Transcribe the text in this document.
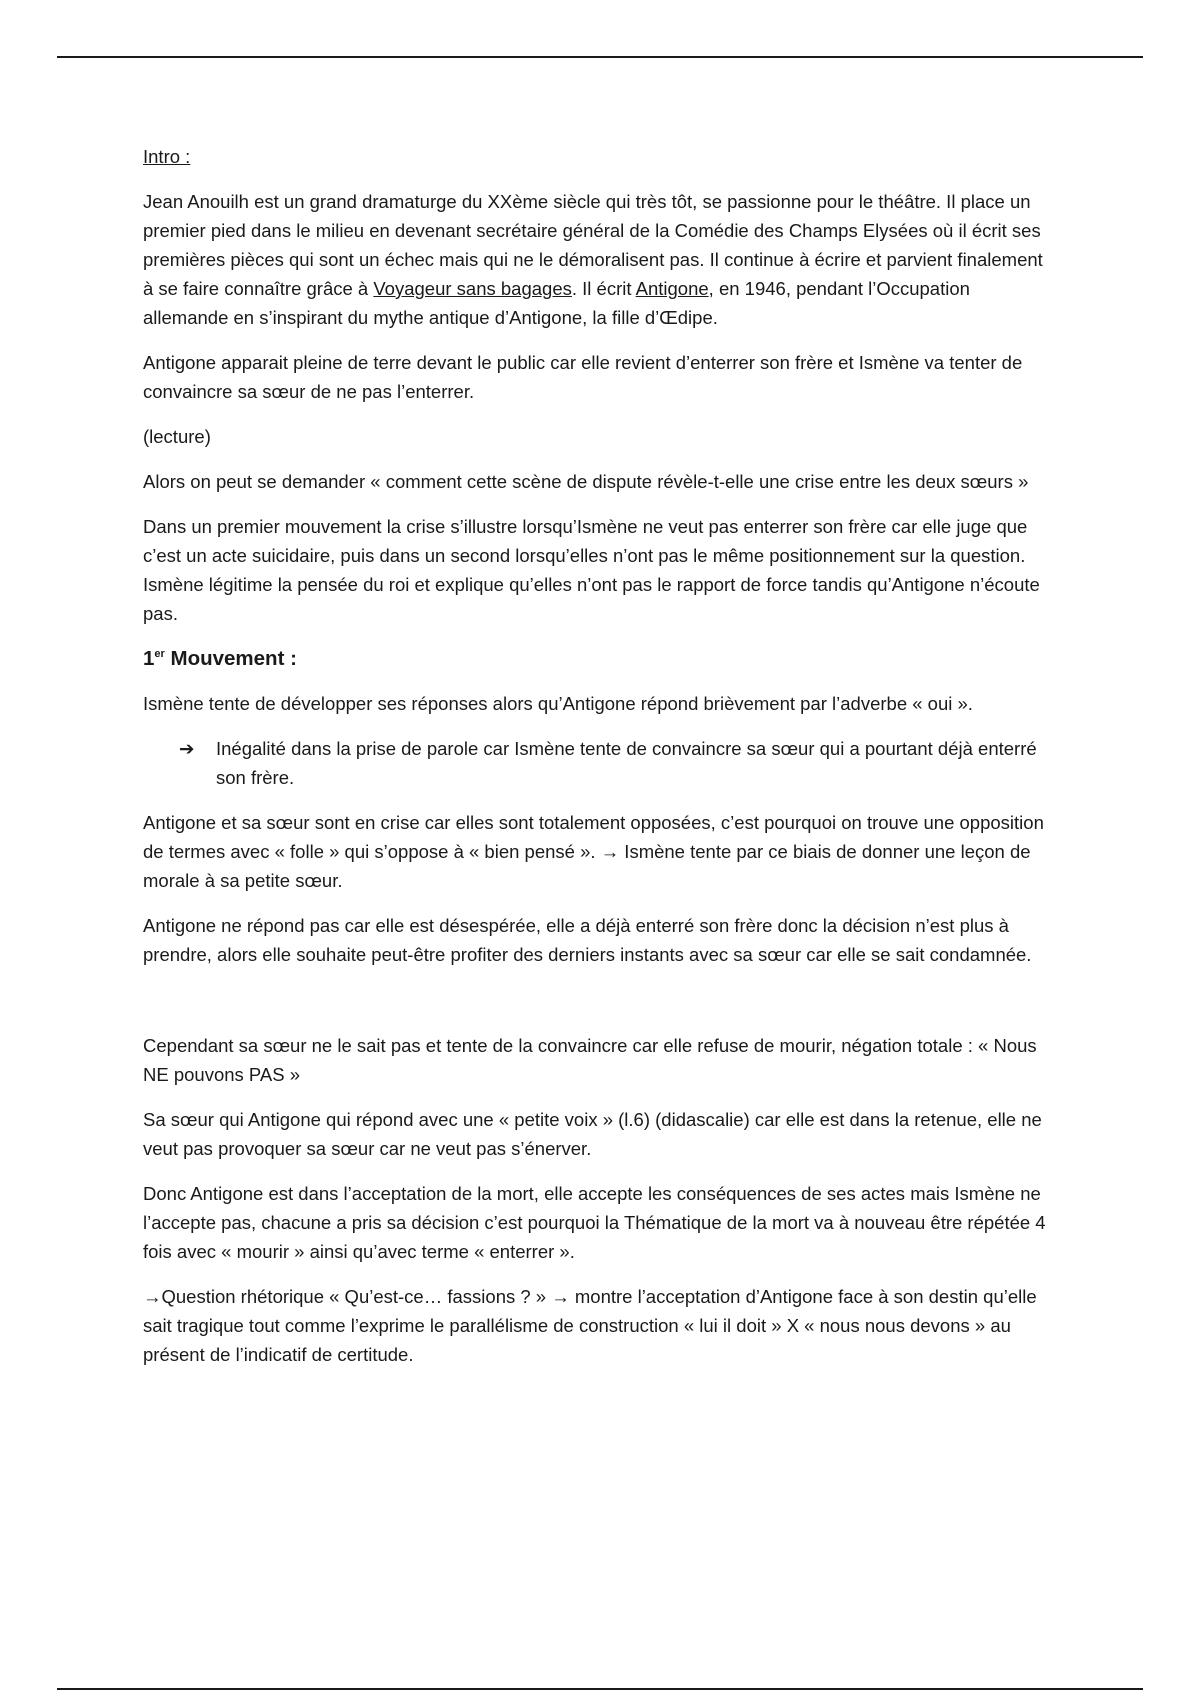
Intro :

Jean Anouilh est un grand dramaturge du XXème siècle qui très tôt, se passionne pour le théâtre. Il place un premier pied dans le milieu en devenant secrétaire général de la Comédie des Champs Elysées où il écrit ses premières pièces qui sont un échec mais qui ne le démoralisent pas. Il continue à écrire et parvient finalement à se faire connaître grâce à Voyageur sans bagages. Il écrit Antigone, en 1946, pendant l’Occupation allemande en s’inspirant du mythe antique d’Antigone, la fille d’Œdipe.

Antigone apparait pleine de terre devant le public car elle revient d’enterrer son frère et Ismène va tenter de convaincre sa sœur de ne pas l’enterrer.

(lecture)

Alors on peut se demander « comment cette scène de dispute révèle-t-elle une crise entre les deux sœurs »

Dans un premier mouvement la crise s’illustre lorsqu’Ismène ne veut pas enterrer son frère car elle juge que c’est un acte suicidaire, puis dans un second lorsqu’elles n’ont pas le même positionnement sur la question. Ismène légitime la pensée du roi et explique qu’elles n’ont pas le rapport de force tandis qu’Antigone n’écoute pas.

1er Mouvement :

Ismène tente de développer ses réponses alors qu’Antigone répond brièvement par l’adverbe « oui ».

➔ Inégalité dans la prise de parole car Ismène tente de convaincre sa sœur qui a pourtant déjà enterré son frère.

Antigone et sa sœur sont en crise car elles sont totalement opposées, c’est pourquoi on trouve une opposition de termes avec « folle » qui s’oppose à « bien pensé ». → Ismène tente par ce biais de donner une leçon de morale à sa petite sœur.

Antigone ne répond pas car elle est désespérée, elle a déjà enterré son frère donc la décision n’est plus à prendre, alors elle souhaite peut-être profiter des derniers instants avec sa sœur car elle se sait condamnée.

Cependant sa sœur ne le sait pas et tente de la convaincre car elle refuse de mourir, négation totale : « Nous NE pouvons PAS »

Sa sœur qui Antigone qui répond avec une « petite voix » (l.6) (didascalie) car elle est dans la retenue, elle ne veut pas provoquer sa sœur car ne veut pas s’énerver.

Donc Antigone est dans l’acceptation de la mort, elle accepte les conséquences de ses actes mais Ismène ne l’accepte pas, chacune a pris sa décision c’est pourquoi la Thématique de la mort va à nouveau être répétée 4 fois avec « mourir » ainsi qu’avec terme « enterrer ».

→Question rhétorique « Qu’est-ce… fassions ? » → montre l’acceptation d’Antigone face à son destin qu’elle sait tragique tout comme l’exprime le parallélisme de construction « lui il doit » X « nous nous devons » au présent de l’indicatif de certitude.
